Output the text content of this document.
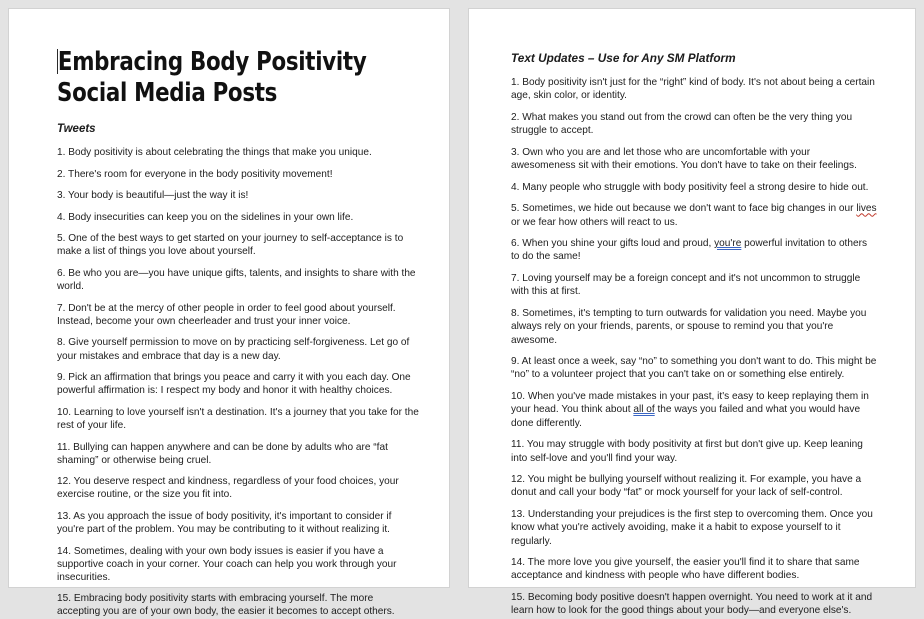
Embracing Body Positivity Social Media Posts
Tweets
1. Body positivity is about celebrating the things that make you unique.
2. There's room for everyone in the body positivity movement!
3. Your body is beautiful—just the way it is!
4. Body insecurities can keep you on the sidelines in your own life.
5. One of the best ways to get started on your journey to self-acceptance is to make a list of things you love about yourself.
6. Be who you are—you have unique gifts, talents, and insights to share with the world.
7. Don't be at the mercy of other people in order to feel good about yourself. Instead, become your own cheerleader and trust your inner voice.
8. Give yourself permission to move on by practicing self-forgiveness. Let go of your mistakes and embrace that day is a new day.
9. Pick an affirmation that brings you peace and carry it with you each day. One powerful affirmation is: I respect my body and honor it with healthy choices.
10. Learning to love yourself isn't a destination. It's a journey that you take for the rest of your life.
11. Bullying can happen anywhere and can be done by adults who are “fat shaming” or otherwise being cruel.
12. You deserve respect and kindness, regardless of your food choices, your exercise routine, or the size you fit into.
13. As you approach the issue of body positivity, it's important to consider if you're part of the problem. You may be contributing to it without realizing it.
14. Sometimes, dealing with your own body issues is easier if you have a supportive coach in your corner. Your coach can help you work through your insecurities.
15. Embracing body positivity starts with embracing yourself. The more accepting you are of your own body, the easier it becomes to accept others.
Text Updates – Use for Any SM Platform
1. Body positivity isn't just for the “right” kind of body. It's not about being a certain age, skin color, or identity.
2. What makes you stand out from the crowd can often be the very thing you struggle to accept.
3. Own who you are and let those who are uncomfortable with your awesomeness sit with their emotions. You don't have to take on their feelings.
4. Many people who struggle with body positivity feel a strong desire to hide out.
5. Sometimes, we hide out because we don't want to face big changes in our lives or we fear how others will react to us.
6. When you shine your gifts loud and proud, you're powerful invitation to others to do the same!
7. Loving yourself may be a foreign concept and it's not uncommon to struggle with this at first.
8. Sometimes, it's tempting to turn outwards for validation you need. Maybe you always rely on your friends, parents, or spouse to remind you that you're awesome.
9. At least once a week, say “no” to something you don't want to do. This might be “no” to a volunteer project that you can't take on or something else entirely.
10. When you've made mistakes in your past, it's easy to keep replaying them in your head. You think about all of the ways you failed and what you would have done differently.
11. You may struggle with body positivity at first but don't give up. Keep leaning into self-love and you'll find your way.
12. You might be bullying yourself without realizing it. For example, you have a donut and call your body “fat” or mock yourself for your lack of self-control.
13. Understanding your prejudices is the first step to overcoming them. Once you know what you're actively avoiding, make it a habit to expose yourself to it regularly.
14. The more love you give yourself, the easier you'll find it to share that same acceptance and kindness with people who have different bodies.
15. Becoming body positive doesn't happen overnight. You need to work at it and learn how to look for the good things about your body—and everyone else's.
